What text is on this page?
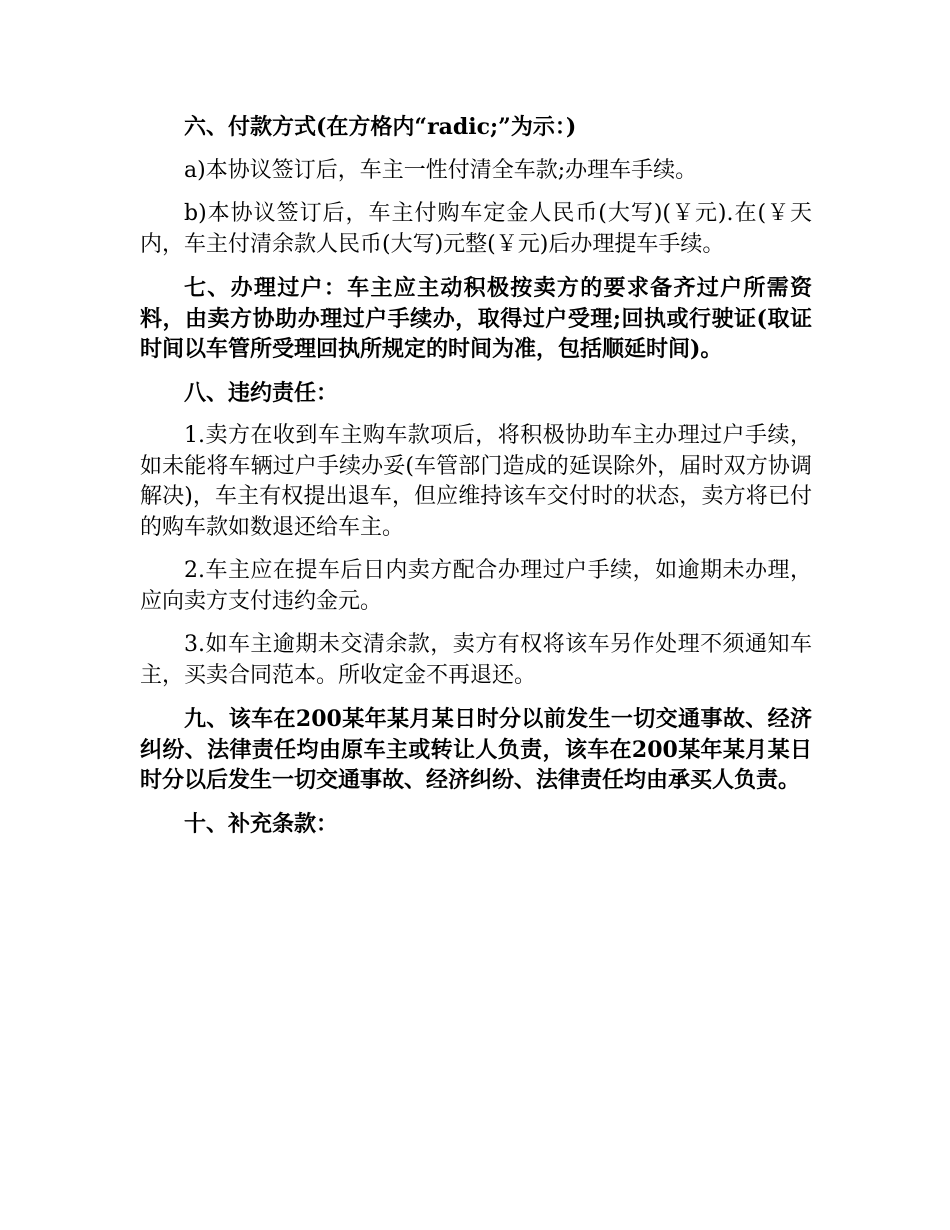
六、付款方式(在方格内“radic;”为示：)

a)本协议签订后，车主一性付清全车款;办理车手续。

b)本协议签订后，车主付购车定金人民币(大写)(￥元).在(￥天内，车主付清余款人民币(大写)元整(￥元)后办理提车手续。

七、办理过户：车主应主动积极按卖方的要求备齐过户所需资料，由卖方协助办理过户手续办，取得过户受理;回执或行驶证(取证时间以车管所受理回执所规定的时间为准，包括顺延时间)。

八、违约责任：

1.卖方在收到车主购车款项后，将积极协助车主办理过户手续，如未能将车辆过户手续办妥(车管部门造成的延误除外，届时双方协调解决)，车主有权提出退车，但应维持该车交付时的状态，卖方将已付的购车款如数退还给车主。

2.车主应在提车后日内卖方配合办理过户手续，如逾期未办理，应向卖方支付违约金元。

3.如车主逾期未交清余款，卖方有权将该车另作处理不须通知车主，买卖合同范本。所收定金不再退还。

九、该车在200某年某月某日时分以前发生一切交通事故、经济纠纷、法律责任均由原车主或转让人负责，该车在200某年某月某日时分以后发生一切交通事故、经济纠纷、法律责任均由承买人负责。

十、补充条款：
